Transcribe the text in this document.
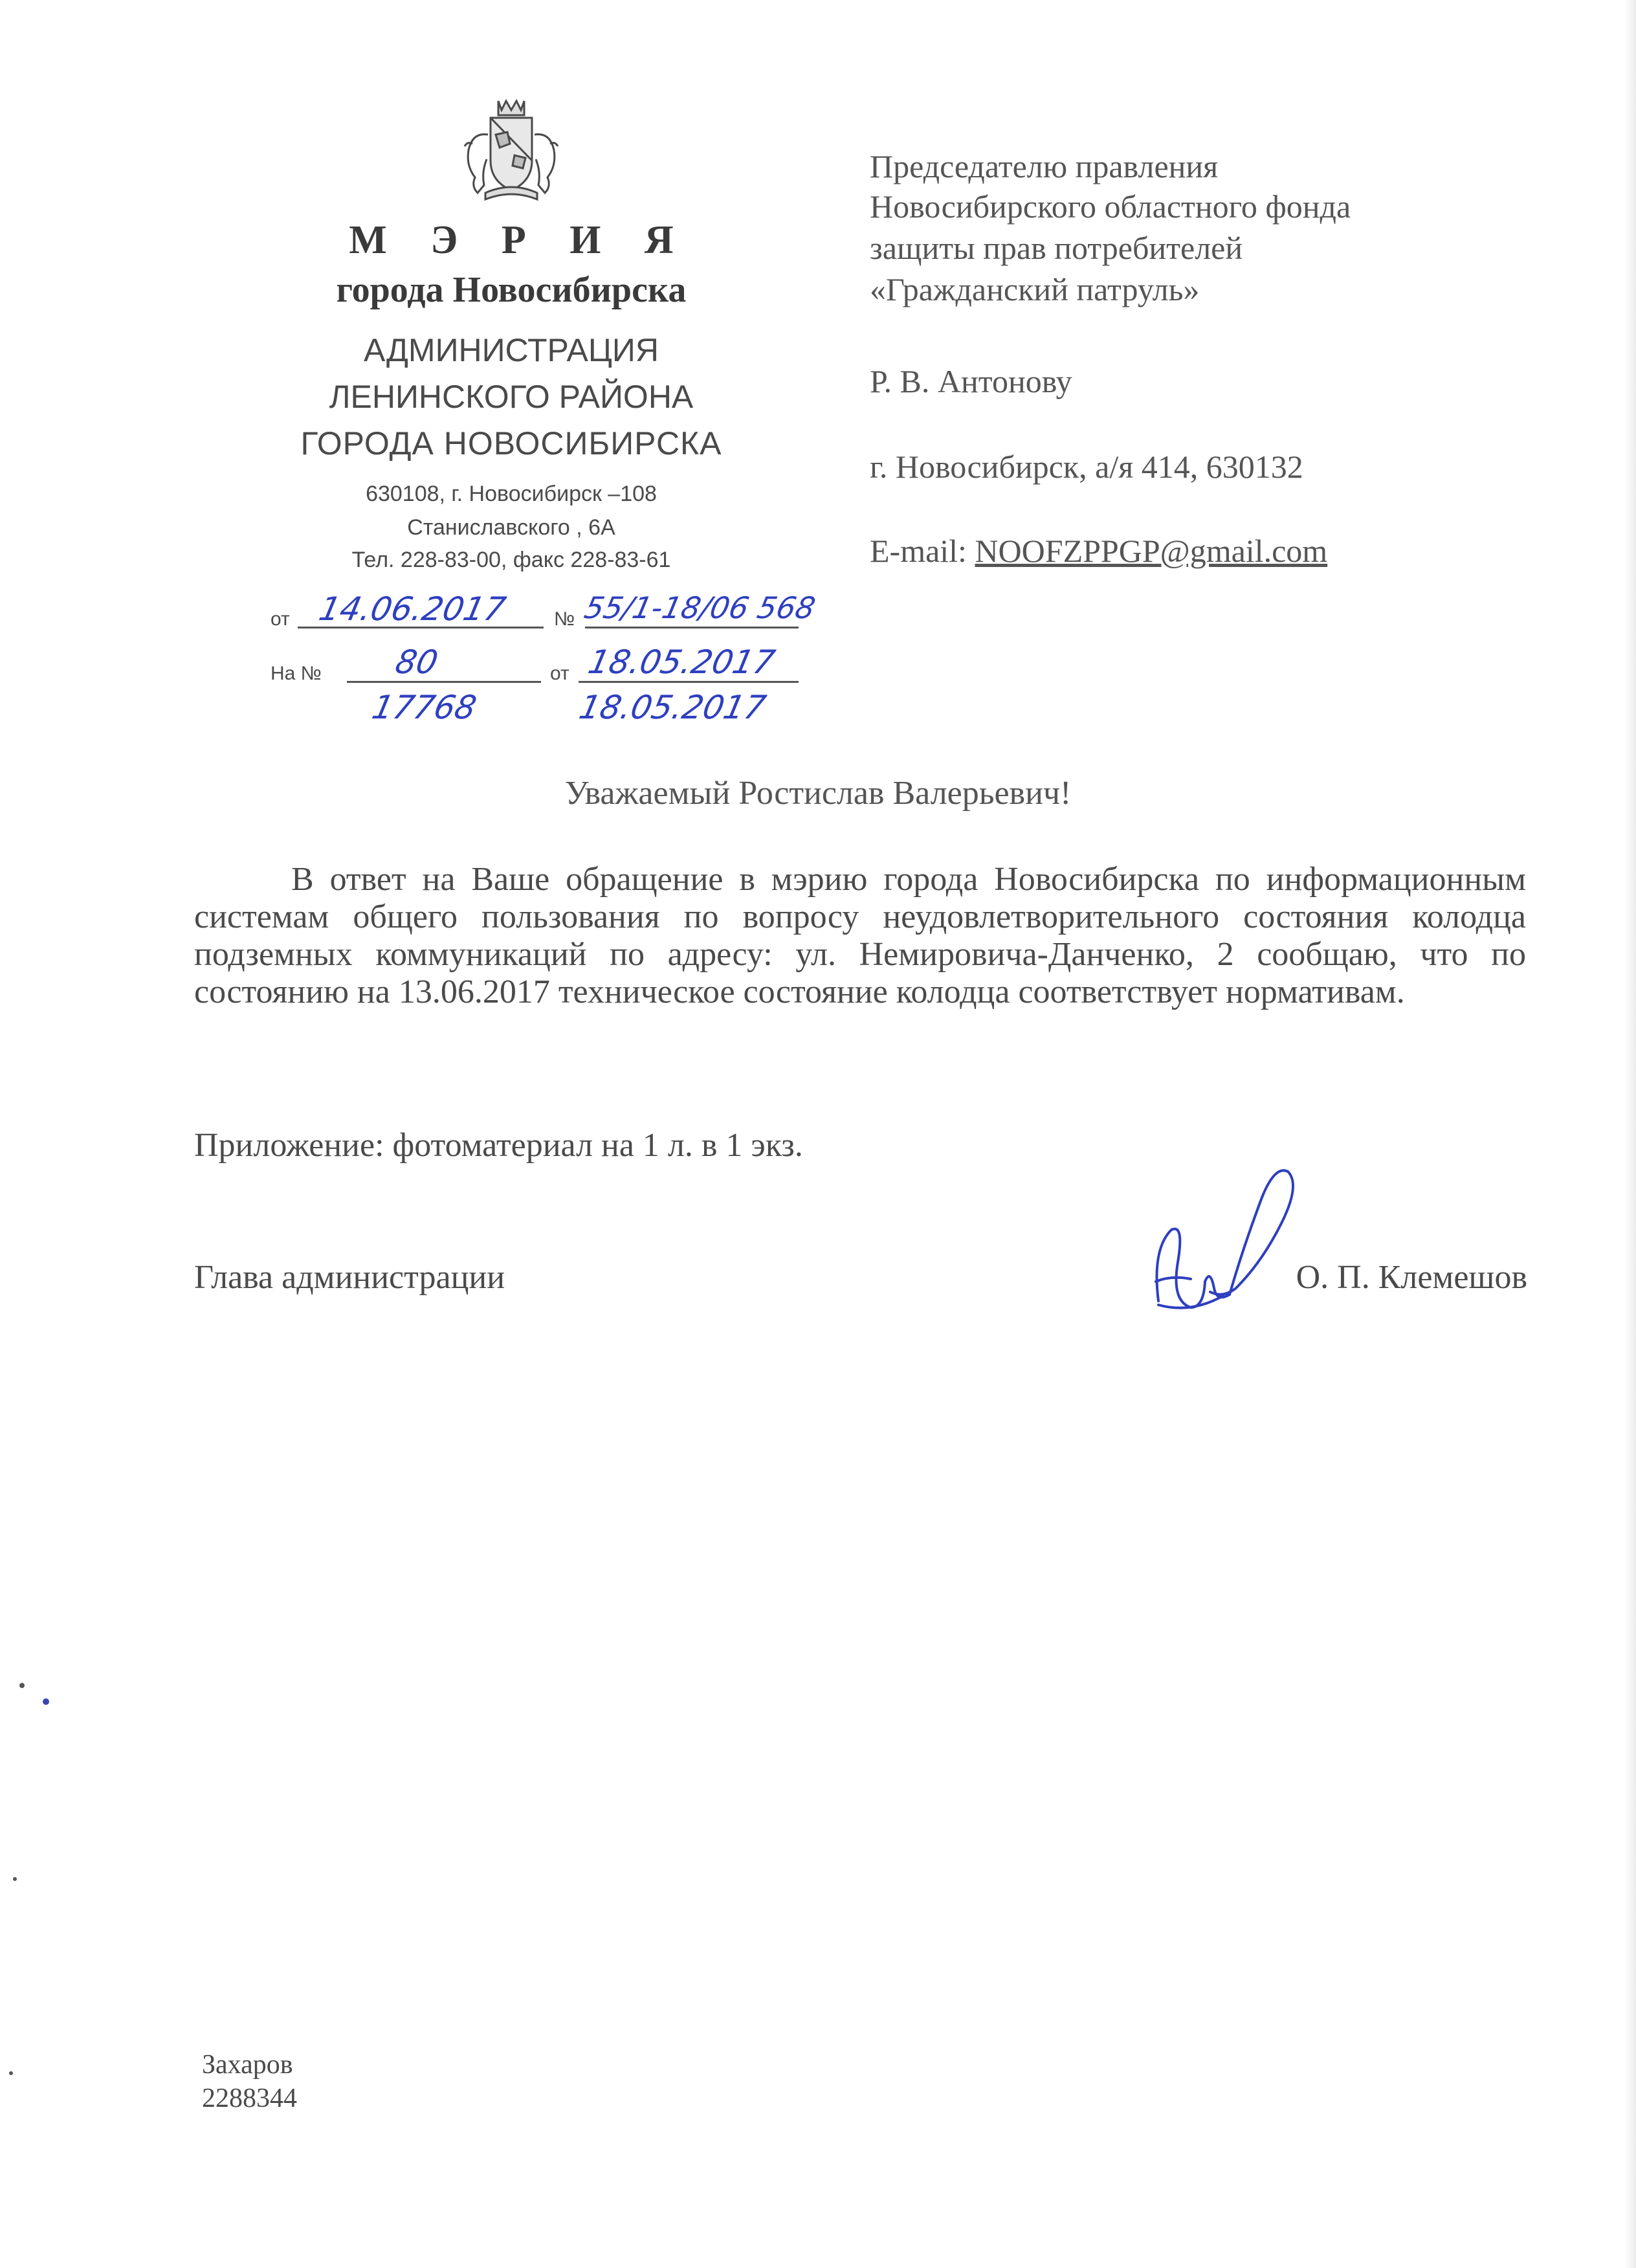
М Э Р И Я
города Новосибирска
АДМИНИСТРАЦИЯ
ЛЕНИНСКОГО РАЙОНА
ГОРОДА НОВОСИБИРСКА
630108, г. Новосибирск –108
Станиславского , 6А
Тел. 228-83-00, факс 228-83-61
от 14.06.2017 № 55/1-18/06 568
На № 80
17768
от 18.05.2017
18.05.2017
Председателю правления
Новосибирского областного фонда
защиты прав потребителей
«Гражданский патруль»
Р. В. Антонову
г. Новосибирск, а/я 414, 630132
E-mail: NOOFZPPGP@gmail.com
Уважаемый Ростислав Валерьевич!
В ответ на Ваше обращение в мэрию города Новосибирска по информационным системам общего пользования по вопросу неудовлетворительного состояния колодца подземных коммуникаций по адресу: ул. Немировича-Данченко, 2 сообщаю, что по состоянию на 13.06.2017 техническое состояние колодца соответствует нормативам.
Приложение: фотоматериал на 1 л. в 1 экз.
Глава администрации	О. П. Клемешов
Захаров
2288344
